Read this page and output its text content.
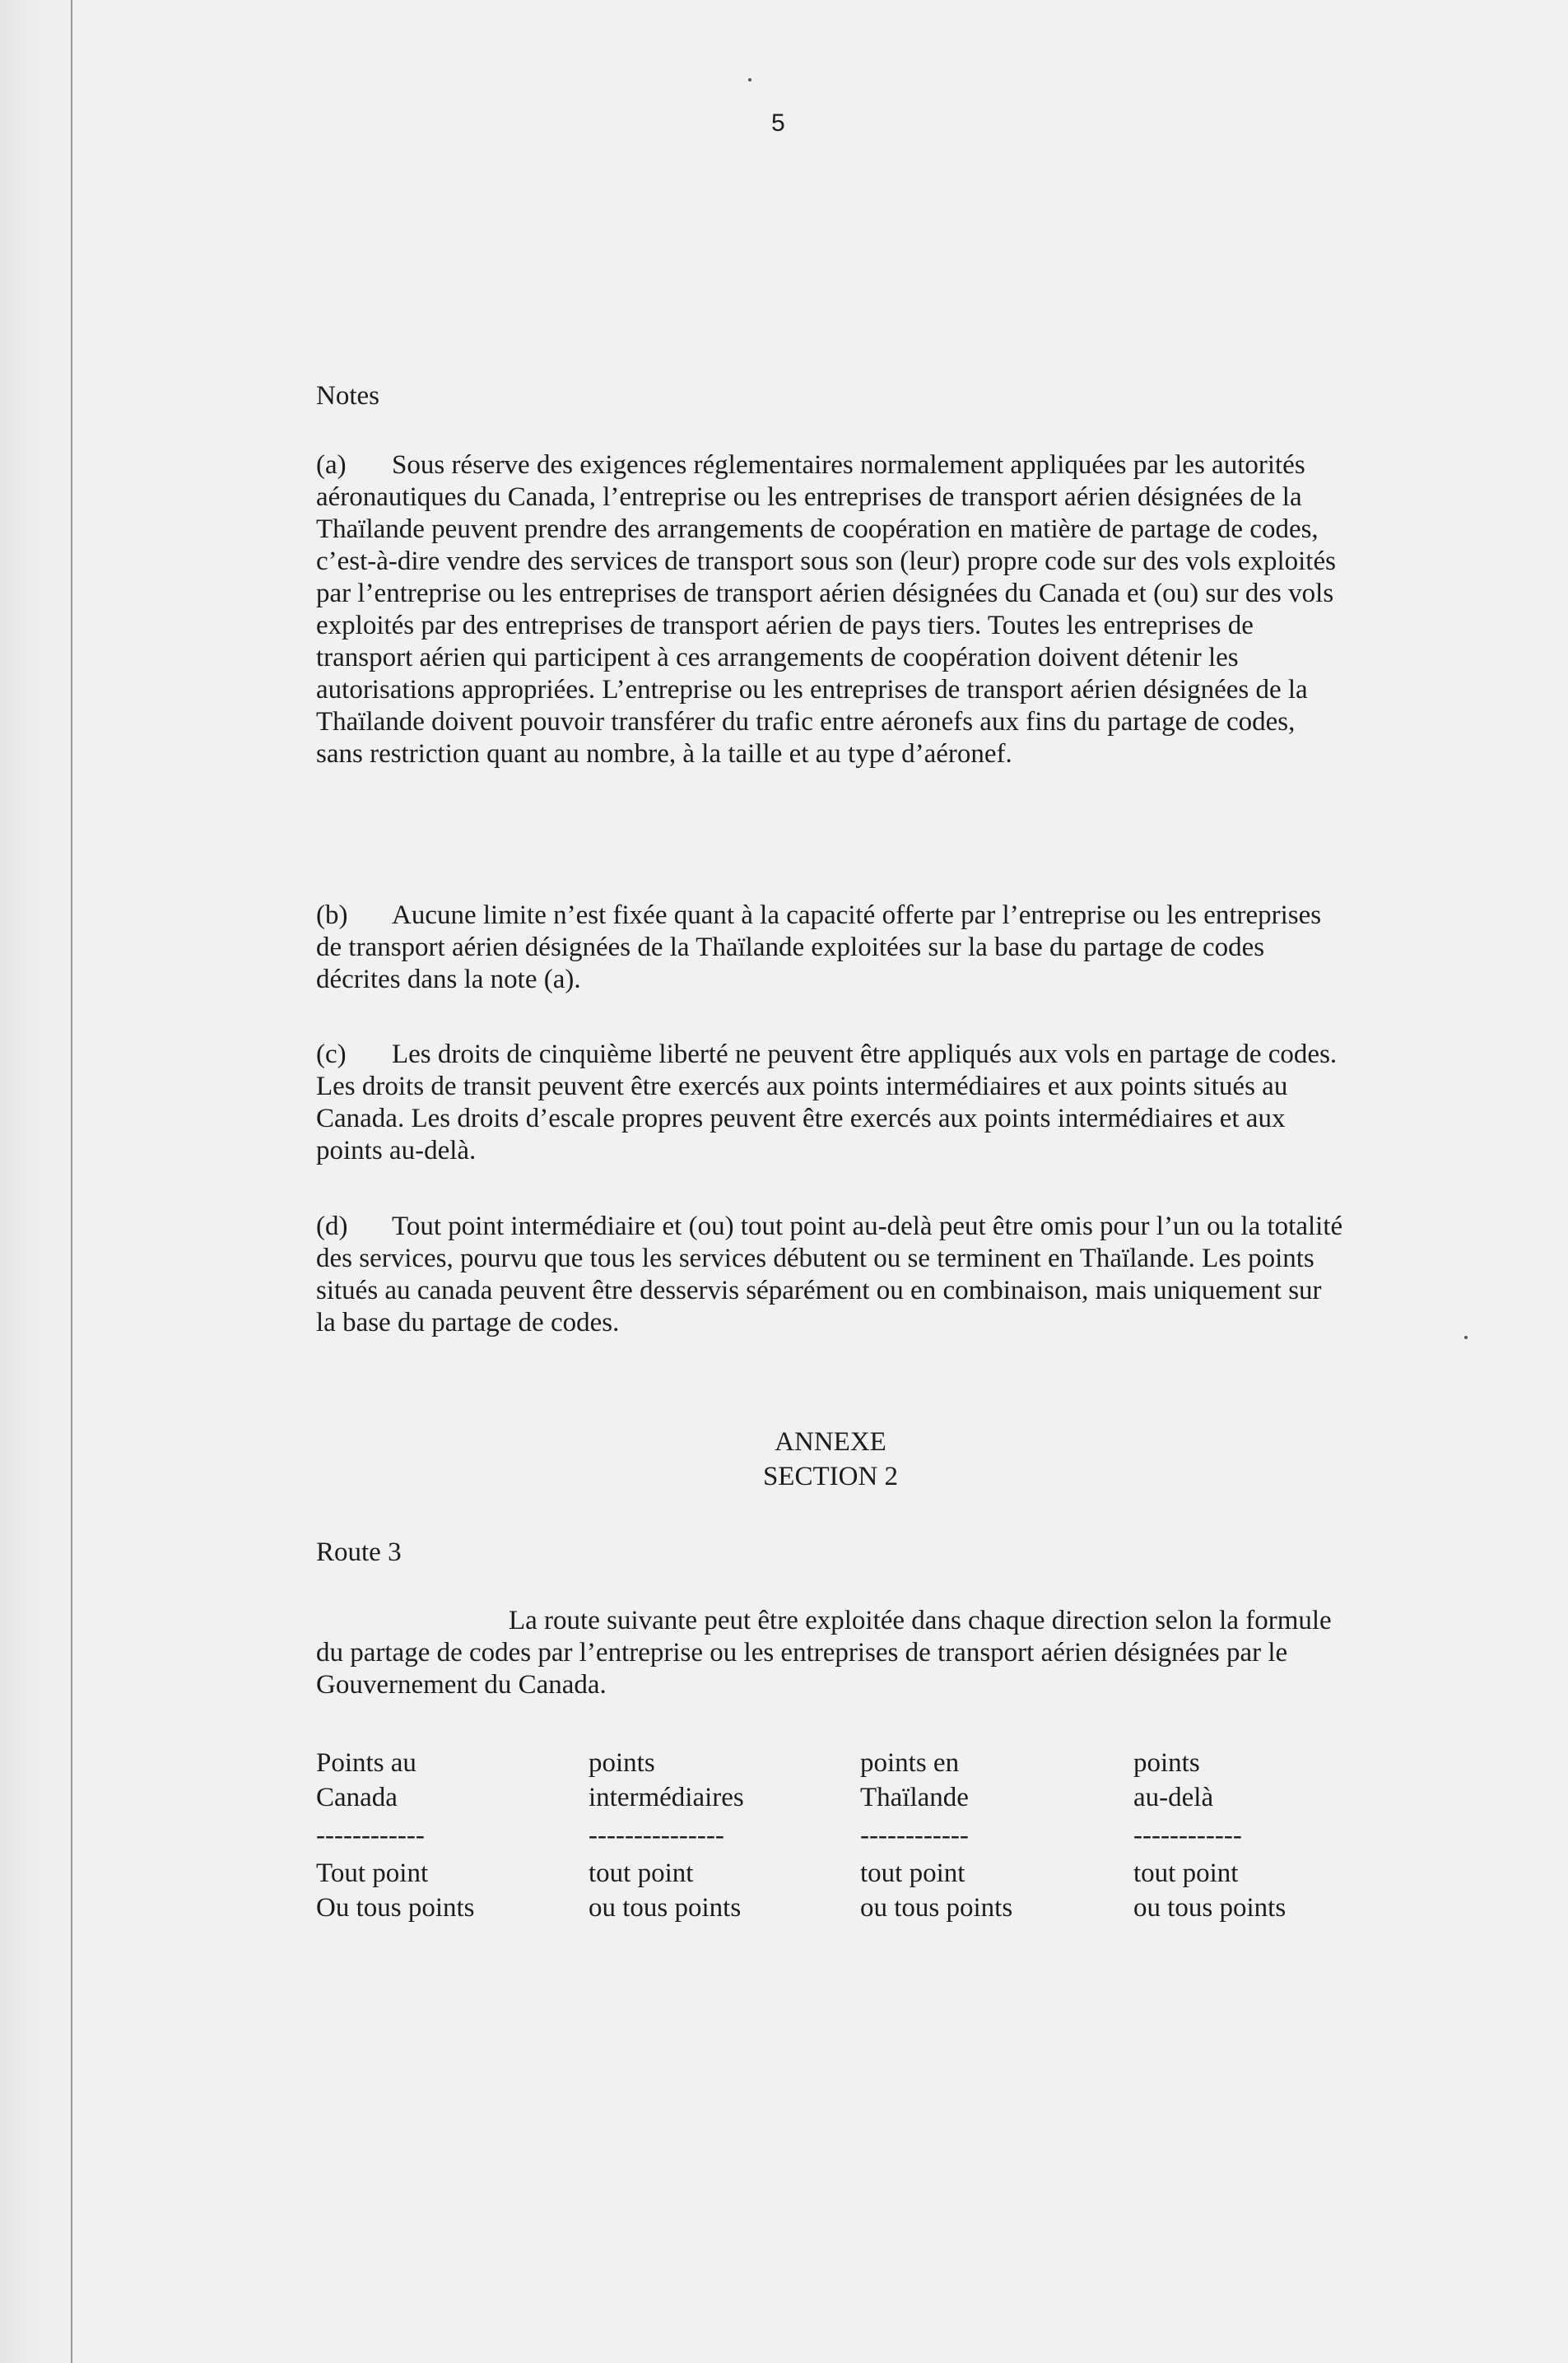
5

Notes

(a) Sous réserve des exigences réglementaires normalement appliquées par les autorités aéronautiques du Canada, l’entreprise ou les entreprises de transport aérien désignées de la Thaïlande peuvent prendre des arrangements de coopération en matière de partage de codes, c’est-à-dire vendre des services de transport sous son (leur) propre code sur des vols exploités par l’entreprise ou les entreprises de transport aérien désignées du Canada et (ou) sur des vols exploités par des entreprises de transport aérien de pays tiers. Toutes les entreprises de transport aérien qui participent à ces arrangements de coopération doivent détenir les autorisations appropriées. L’entreprise ou les entreprises de transport aérien désignées de la Thaïlande doivent pouvoir transférer du trafic entre aéronefs aux fins du partage de codes, sans restriction quant au nombre, à la taille et au type d’aéronef.

(b) Aucune limite n’est fixée quant à la capacité offerte par l’entreprise ou les entreprises de transport aérien désignées de la Thaïlande exploitées sur la base du partage de codes décrites dans la note (a).

(c) Les droits de cinquième liberté ne peuvent être appliqués aux vols en partage de codes. Les droits de transit peuvent être exercés aux points intermédiaires et aux points situés au Canada. Les droits d’escale propres peuvent être exercés aux points intermédiaires et aux points au-delà.

(d) Tout point intermédiaire et (ou) tout point au-delà peut être omis pour l’un ou la totalité des services, pourvu que tous les services débutent ou se terminent en Thaïlande. Les points situés au canada peuvent être desservis séparément ou en combinaison, mais uniquement sur la base du partage de codes.

ANNEXE
SECTION 2

Route 3

La route suivante peut être exploitée dans chaque direction selon la formule du partage de codes par l’entreprise ou les entreprises de transport aérien désignées par le Gouvernement du Canada.

Points au
Canada
------------
Tout point
Ou tous points
points
intermédiaires
---------------
tout point
ou tous points
points en
Thaïlande
------------
tout point
ou tous points
points
au-delà
------------
tout point
ou tous points
